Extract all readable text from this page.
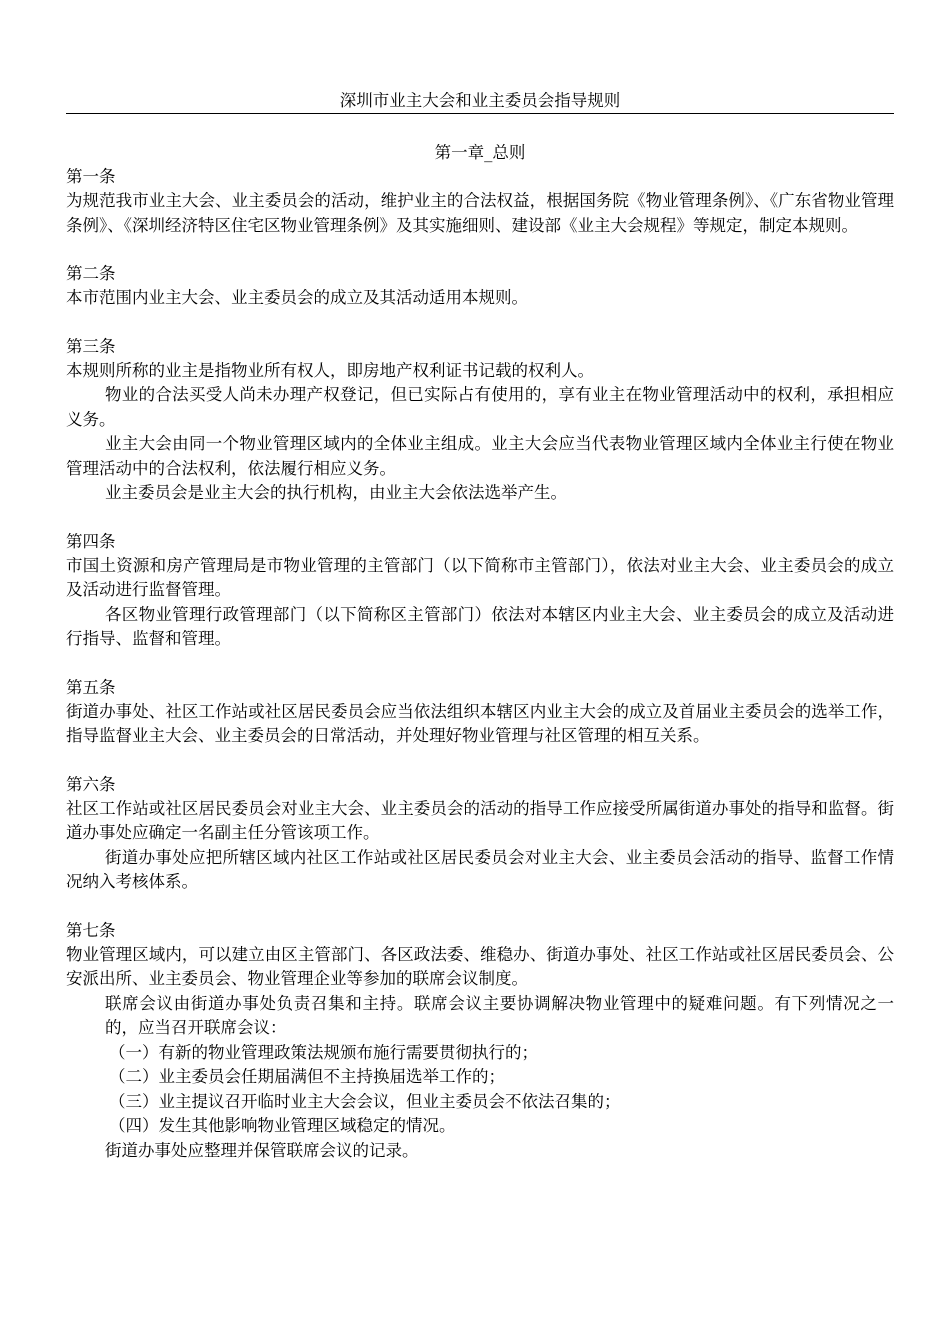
深圳市业主大会和业主委员会指导规则

第一章_总则

第一条

为规范我市业主大会、业主委员会的活动，维护业主的合法权益，根据国务院《物业管理条例》、《广东省物业管理条例》、《深圳经济特区住宅区物业管理条例》及其实施细则、建设部《业主大会规程》等规定，制定本规则。

第二条

本市范围内业主大会、业主委员会的成立及其活动适用本规则。

第三条

本规则所称的业主是指物业所有权人，即房地产权利证书记载的权利人。

物业的合法买受人尚未办理产权登记，但已实际占有使用的，享有业主在物业管理活动中的权利，承担相应义务。

业主大会由同一个物业管理区域内的全体业主组成。业主大会应当代表物业管理区域内全体业主行使在物业管理活动中的合法权利，依法履行相应义务。

业主委员会是业主大会的执行机构，由业主大会依法选举产生。

第四条

市国土资源和房产管理局是市物业管理的主管部门（以下简称市主管部门），依法对业主大会、业主委员会的成立及活动进行监督管理。

各区物业管理行政管理部门（以下简称区主管部门）依法对本辖区内业主大会、业主委员会的成立及活动进行指导、监督和管理。

第五条

街道办事处、社区工作站或社区居民委员会应当依法组织本辖区内业主大会的成立及首届业主委员会的选举工作，指导监督业主大会、业主委员会的日常活动，并处理好物业管理与社区管理的相互关系。

第六条

社区工作站或社区居民委员会对业主大会、业主委员会的活动的指导工作应接受所属街道办事处的指导和监督。街道办事处应确定一名副主任分管该项工作。

街道办事处应把所辖区域内社区工作站或社区居民委员会对业主大会、业主委员会活动的指导、监督工作情况纳入考核体系。

第七条

物业管理区域内，可以建立由区主管部门、各区政法委、维稳办、街道办事处、社区工作站或社区居民委员会、公安派出所、业主委员会、物业管理企业等参加的联席会议制度。

联席会议由街道办事处负责召集和主持。联席会议主要协调解决物业管理中的疑难问题。有下列情况之一的，应当召开联席会议：

（一）有新的物业管理政策法规颁布施行需要贯彻执行的；

（二）业主委员会任期届满但不主持换届选举工作的；

（三）业主提议召开临时业主大会会议，但业主委员会不依法召集的；

（四）发生其他影响物业管理区域稳定的情况。

街道办事处应整理并保管联席会议的记录。
